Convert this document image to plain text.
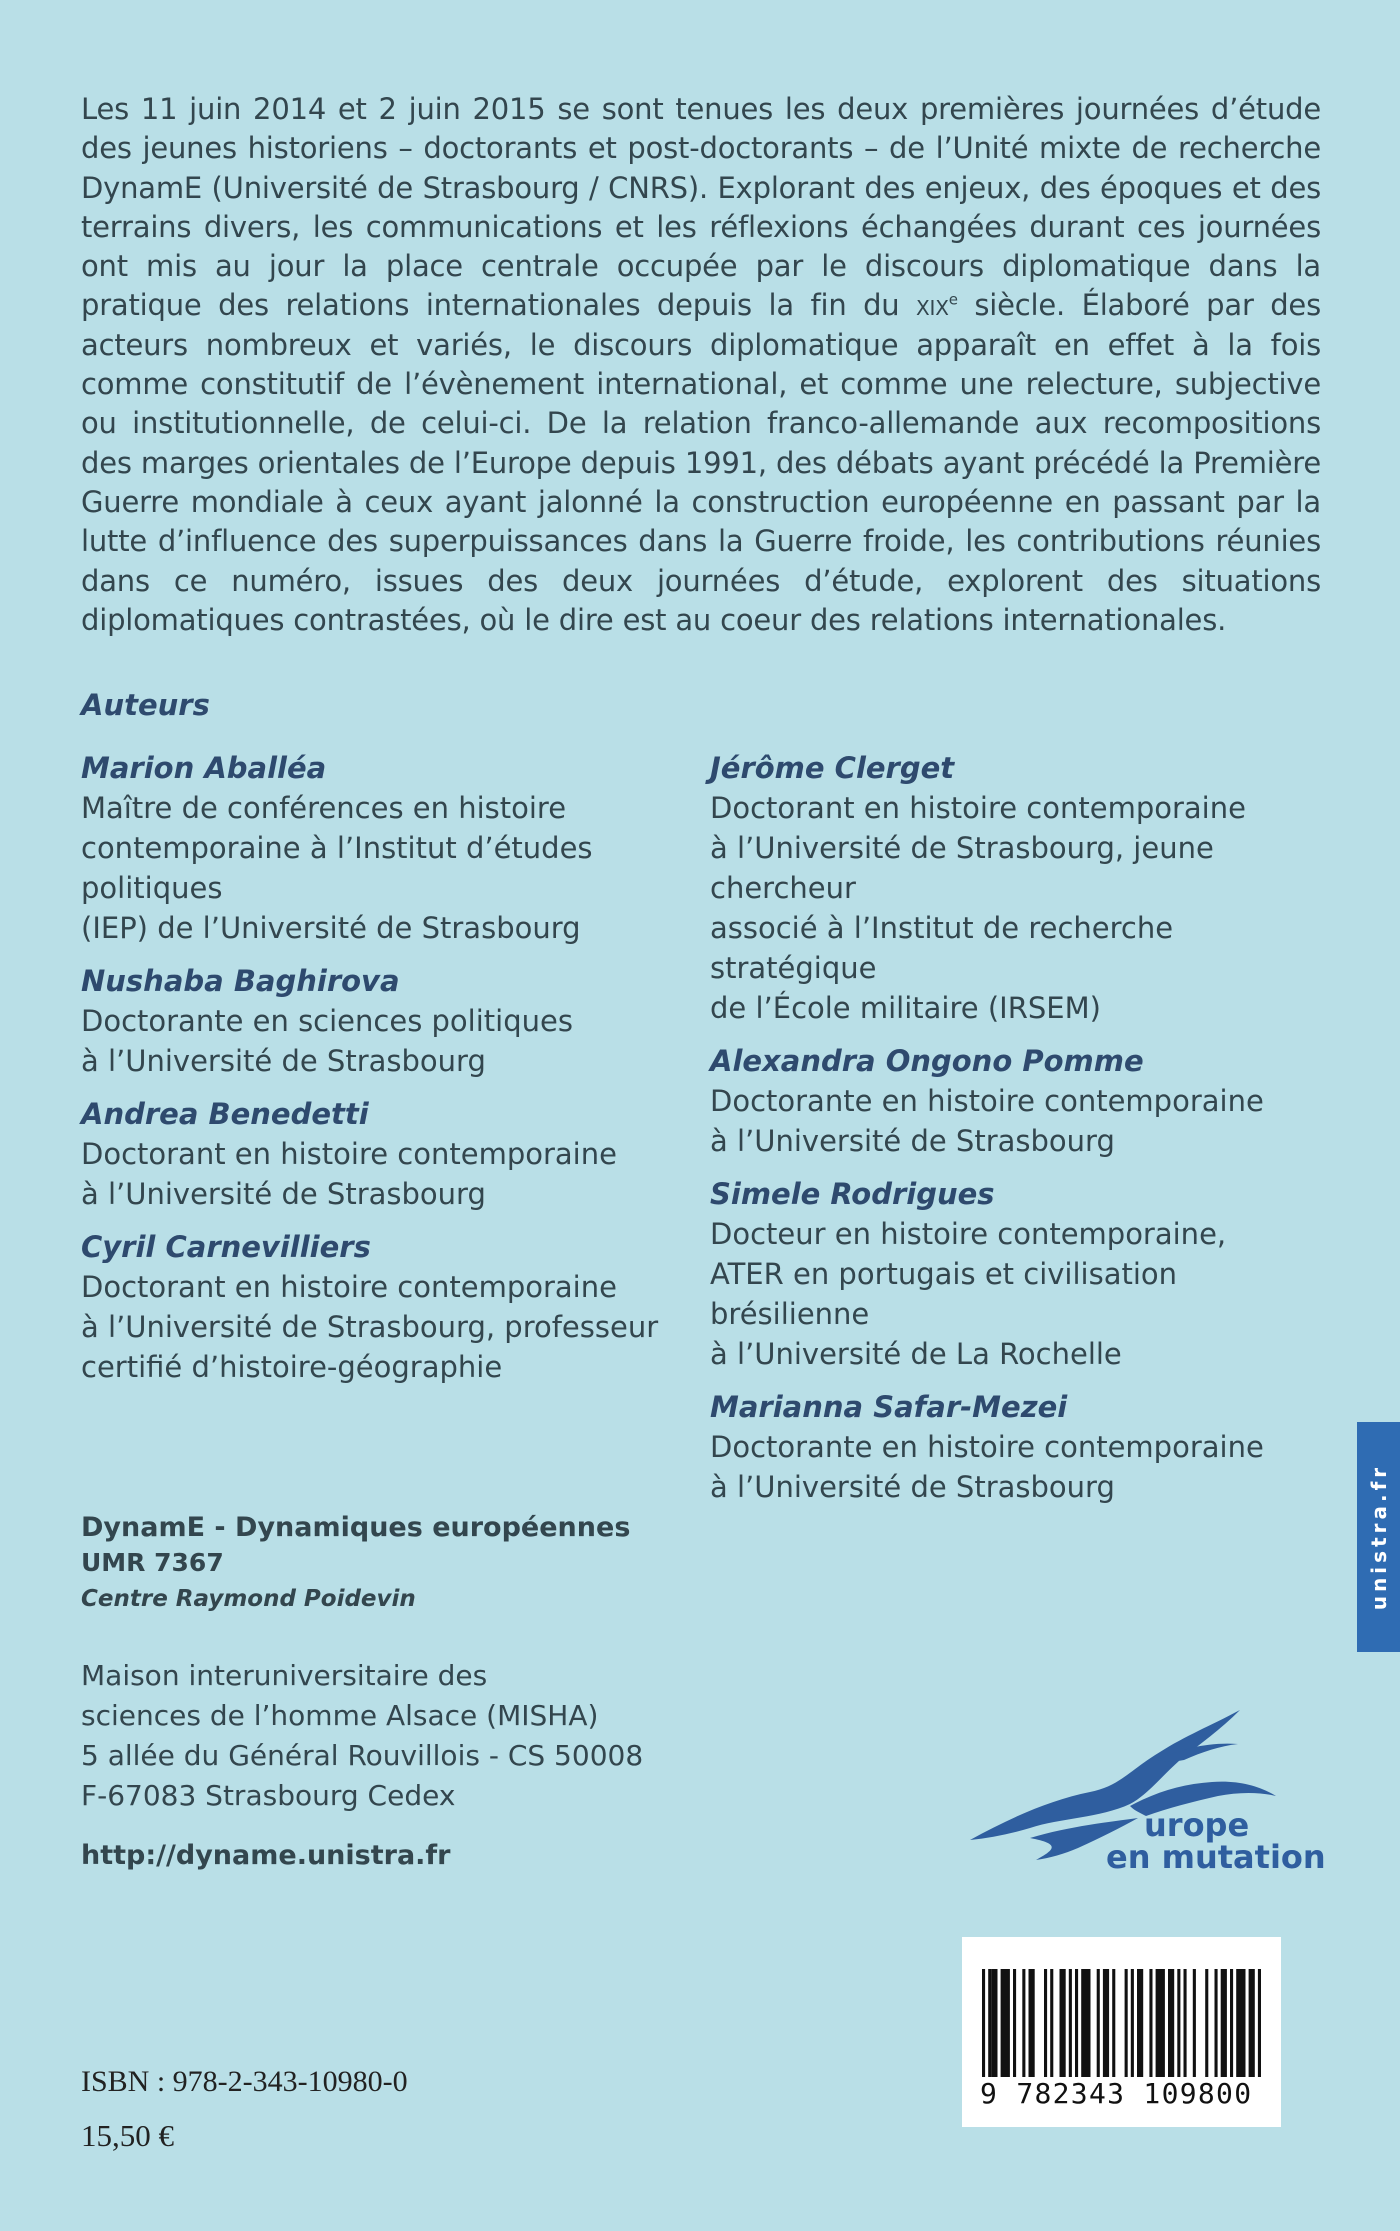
Les 11 juin 2014 et 2 juin 2015 se sont tenues les deux premières journées d’étude des jeunes historiens – doctorants et post-doctorants – de l’Unité mixte de recherche DynamE (Université de Strasbourg / CNRS). Explorant des enjeux, des époques et des terrains divers, les communications et les réflexions échangées durant ces journées ont mis au jour la place centrale occupée par le discours diplomatique dans la pratique des relations internationales depuis la fin du xix$^e$ siècle. Élaboré par des acteurs nombreux et variés, le discours diplomatique apparaît en effet à la fois comme constitutif de l’évènement international, et comme une relecture, subjective ou institutionnelle, de celui-ci. De la relation franco-allemande aux recompositions des marges orientales de l’Europe depuis 1991, des débats ayant précédé la Première Guerre mondiale à ceux ayant jalonné la construction européenne en passant par la lutte d’influence des superpuissances dans la Guerre froide, les contributions réunies dans ce numéro, issues des deux journées d’étude, explorent des situations diplomatiques contrastées, où le dire est au coeur des relations internationales.

Auteurs
Marion Aballéa
Maître de conférences en histoire
contemporaine à l’Institut d’études politiques
(IEP) de l’Université de Strasbourg
Nushaba Baghirova
Doctorante en sciences politiques
à l’Université de Strasbourg
Andrea Benedetti
Doctorant en histoire contemporaine
à l’Université de Strasbourg
Cyril Carnevilliers
Doctorant en histoire contemporaine
à l’Université de Strasbourg, professeur
certifié d’histoire-géographie
Jérôme Clerget
Doctorant en histoire contemporaine
à l’Université de Strasbourg, jeune chercheur
associé à l’Institut de recherche stratégique
de l’École militaire (IRSEM)
Alexandra Ongono Pomme
Doctorante en histoire contemporaine
à l’Université de Strasbourg
Simele Rodrigues
Docteur en histoire contemporaine,
ATER en portugais et civilisation brésilienne
à l’Université de La Rochelle
Marianna Safar-Mezei
Doctorante en histoire contemporaine
à l’Université de Strasbourg
DynamE - Dynamiques européennes
UMR 7367
Centre Raymond Poidevin
Maison interuniversitaire des
sciences de l’homme Alsace (MISHA)
5 allée du Général Rouvillois - CS 50008
F-67083 Strasbourg Cedex
http://dyname.unistra.fr
unistra.fr
urope
en mutation
9 782343 109800
ISBN : 978-2-343-10980-0
15,50 €
